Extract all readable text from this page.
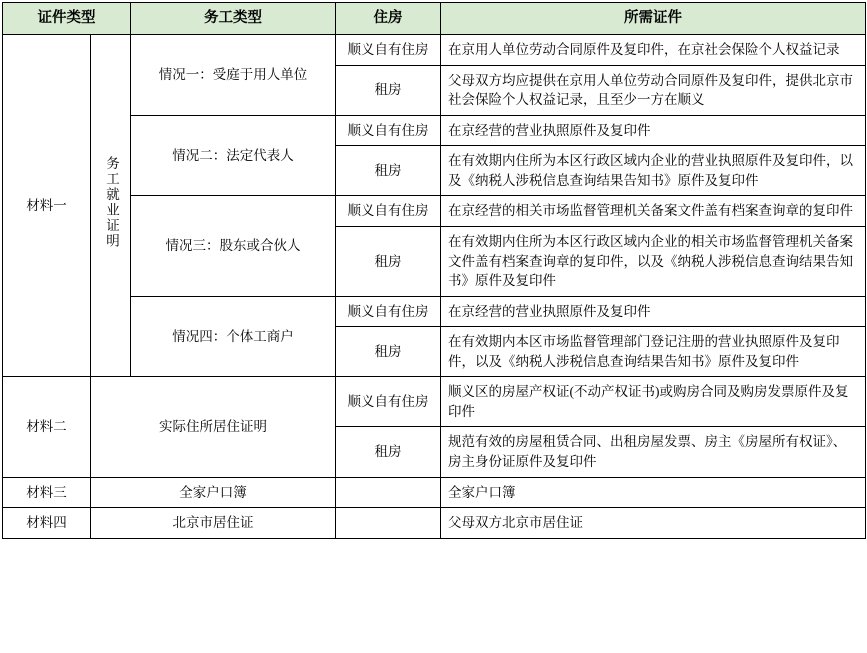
证件类型		务工类型	住房	所需证件
材料一	务工就业证明	情况一：受庭于用人单位	顺义自有住房	在京用人单位劳动合同原件及复印件，在京社会保险个人权益记录
			租房	父母双方均应提供在京用人单位劳动合同原件及复印件，提供北京市社会保险个人权益记录，且至少一方在顺义
		情况二：法定代表人	顺义自有住房	在京经营的营业执照原件及复印件
			租房	在有效期内住所为本区行政区域内企业的营业执照原件及复印件，以及《纳税人涉税信息查询结果告知书》原件及复印件
		情况三：股东或合伙人	顺义自有住房	在京经营的相关市场监督管理机关备案文件盖有档案查询章的复印件
			租房	在有效期内住所为本区行政区域内企业的相关市场监督管理机关备案文件盖有档案查询章的复印件，以及《纳税人涉税信息查询结果告知书》原件及复印件
		情况四：个体工商户	顺义自有住房	在京经营的营业执照原件及复印件
			租房	在有效期内本区市场监督管理部门登记注册的营业执照原件及复印件，以及《纳税人涉税信息查询结果告知书》原件及复印件
材料二	实际住所居住证明		顺义自有住房	顺义区的房屋产权证(不动产权证书)或购房合同及购房发票原件及复印件
			租房	规范有效的房屋租赁合同、出租房屋发票、房主《房屋所有权证》、房主身份证原件及复印件
材料三	全家户口簿			全家户口簿
材料四	北京市居住证			父母双方北京市居住证
